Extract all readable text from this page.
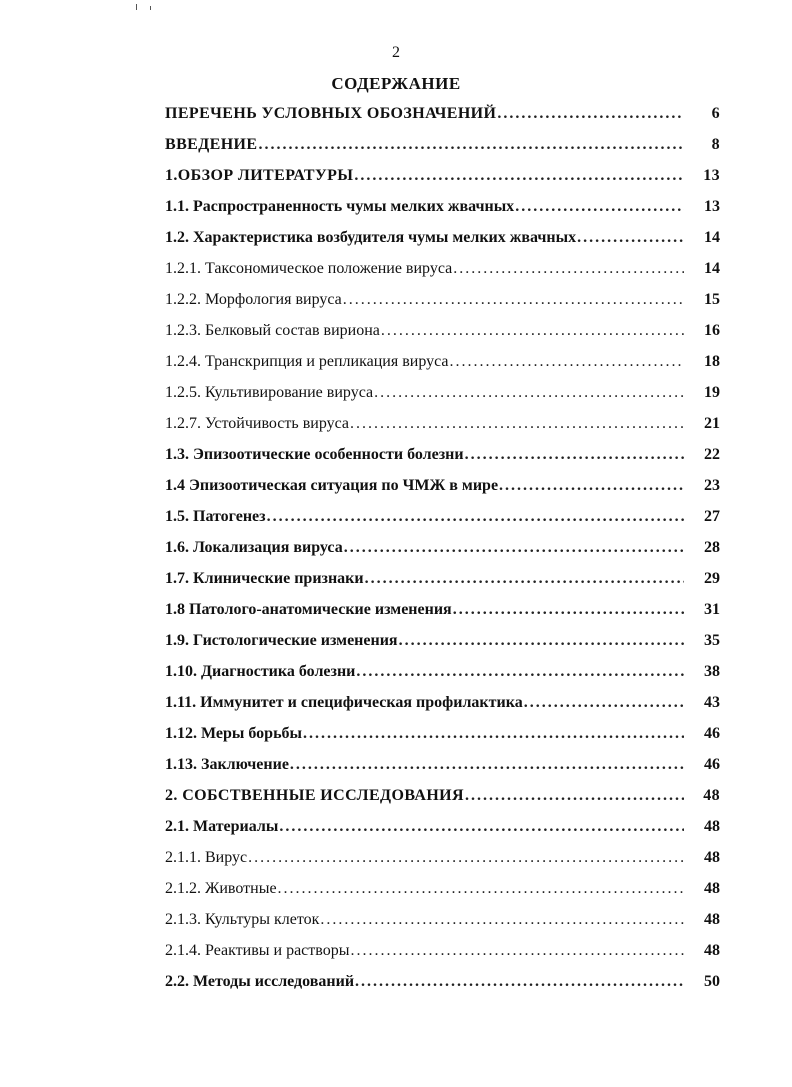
2
СОДЕРЖАНИЕ
ПЕРЕЧЕНЬ УСЛОВНЫХ ОБОЗНАЧЕНИЙ . . .	6
ВВЕДЕНИЕ . . .	8
1.ОБЗОР ЛИТЕРАТУРЫ . . .	13
1.1. Распространенность чумы мелких жвачных . . .	13
1.2. Характеристика возбудителя чумы мелких жвачных . . .	14
1.2.1. Таксономическое положение вируса . . .	14
1.2.2. Морфология вируса . . .	15
1.2.3. Белковый состав вириона . . .	16
1.2.4. Транскрипция и репликация вируса . . .	18
1.2.5. Культивирование вируса . . .	19
1.2.7. Устойчивость вируса . . .	21
1.3. Эпизоотические особенности болезни . . .	22
1.4 Эпизоотическая ситуация по ЧМЖ в мире . . .	23
1.5. Патогенез . . .	27
1.6. Локализация вируса . . .	28
1.7. Клинические признаки . . .	29
1.8 Патолого-анатомические изменения . . .	31
1.9. Гистологические изменения . . .	35
1.10. Диагностика болезни . . .	38
1.11. Иммунитет и специфическая профилактика . . .	43
1.12. Меры борьбы . . .	46
1.13. Заключение . . .	46
2. СОБСТВЕННЫЕ ИССЛЕДОВАНИЯ . . .	48
2.1. Материалы . . .	48
2.1.1. Вирус . . .	48
2.1.2. Животные . . .	48
2.1.3. Культуры клеток . . .	48
2.1.4. Реактивы и растворы . . .	48
2.2. Методы исследований . . .	50
